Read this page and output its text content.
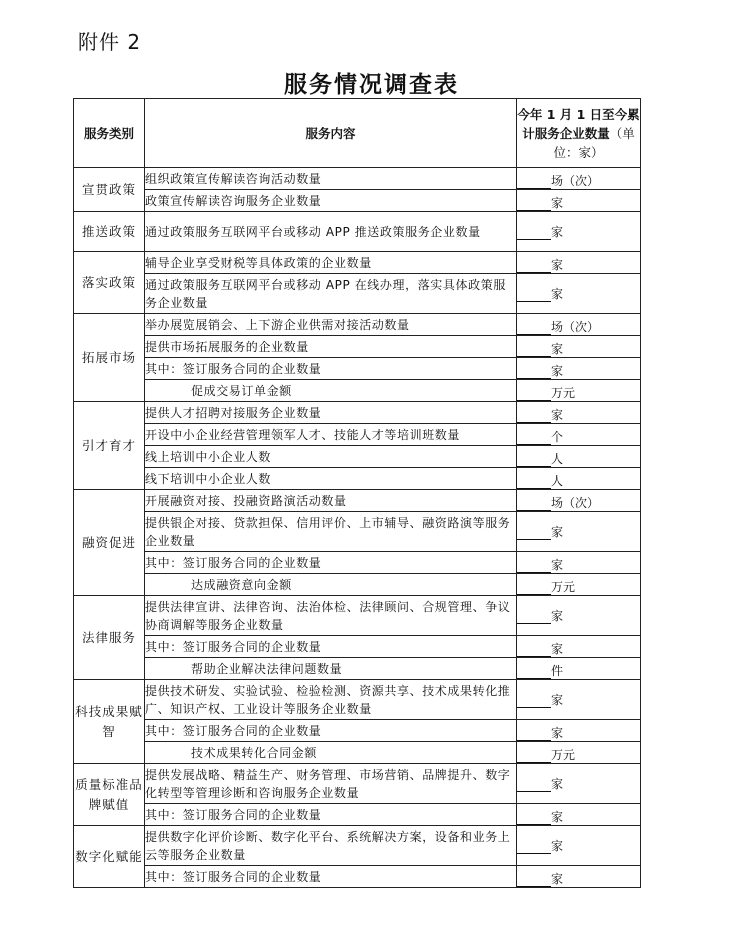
附件 2
服务情况调查表
服务类别	服务内容	今年 1 月 1 日至今累计服务企业数量（单位：家）
宣贯政策	组织政策宣传解读咨询活动数量	场（次）
	政策宣传解读咨询服务企业数量	家
推送政策	通过政策服务互联网平台或移动 APP 推送政策服务企业数量	家
落实政策	辅导企业享受财税等具体政策的企业数量	家
	通过政策服务互联网平台或移动 APP 在线办理，落实具体政策服务企业数量	家
拓展市场	举办展览展销会、上下游企业供需对接活动数量	场（次）
	提供市场拓展服务的企业数量	家
	其中：签订服务合同的企业数量	家
	促成交易订单金额	万元
引才育才	提供人才招聘对接服务企业数量	家
	开设中小企业经营管理领军人才、技能人才等培训班数量	个
	线上培训中小企业人数	人
	线下培训中小企业人数	人
融资促进	开展融资对接、投融资路演活动数量	场（次）
	提供银企对接、贷款担保、信用评价、上市辅导、融资路演等服务企业数量	家
	其中：签订服务合同的企业数量	家
	达成融资意向金额	万元
法律服务	提供法律宣讲、法律咨询、法治体检、法律顾问、合规管理、争议协商调解等服务企业数量	家
	其中：签订服务合同的企业数量	家
	帮助企业解决法律问题数量	件
科技成果赋智	提供技术研发、实验试验、检验检测、资源共享、技术成果转化推广、知识产权、工业设计等服务企业数量	家
	其中：签订服务合同的企业数量	家
	技术成果转化合同金额	万元
质量标准品牌赋值	提供发展战略、精益生产、财务管理、市场营销、品牌提升、数字化转型等管理诊断和咨询服务企业数量	家
	其中：签订服务合同的企业数量	家
数字化赋能	提供数字化评价诊断、数字化平台、系统解决方案，设备和业务上云等服务企业数量	家
	其中：签订服务合同的企业数量	家
